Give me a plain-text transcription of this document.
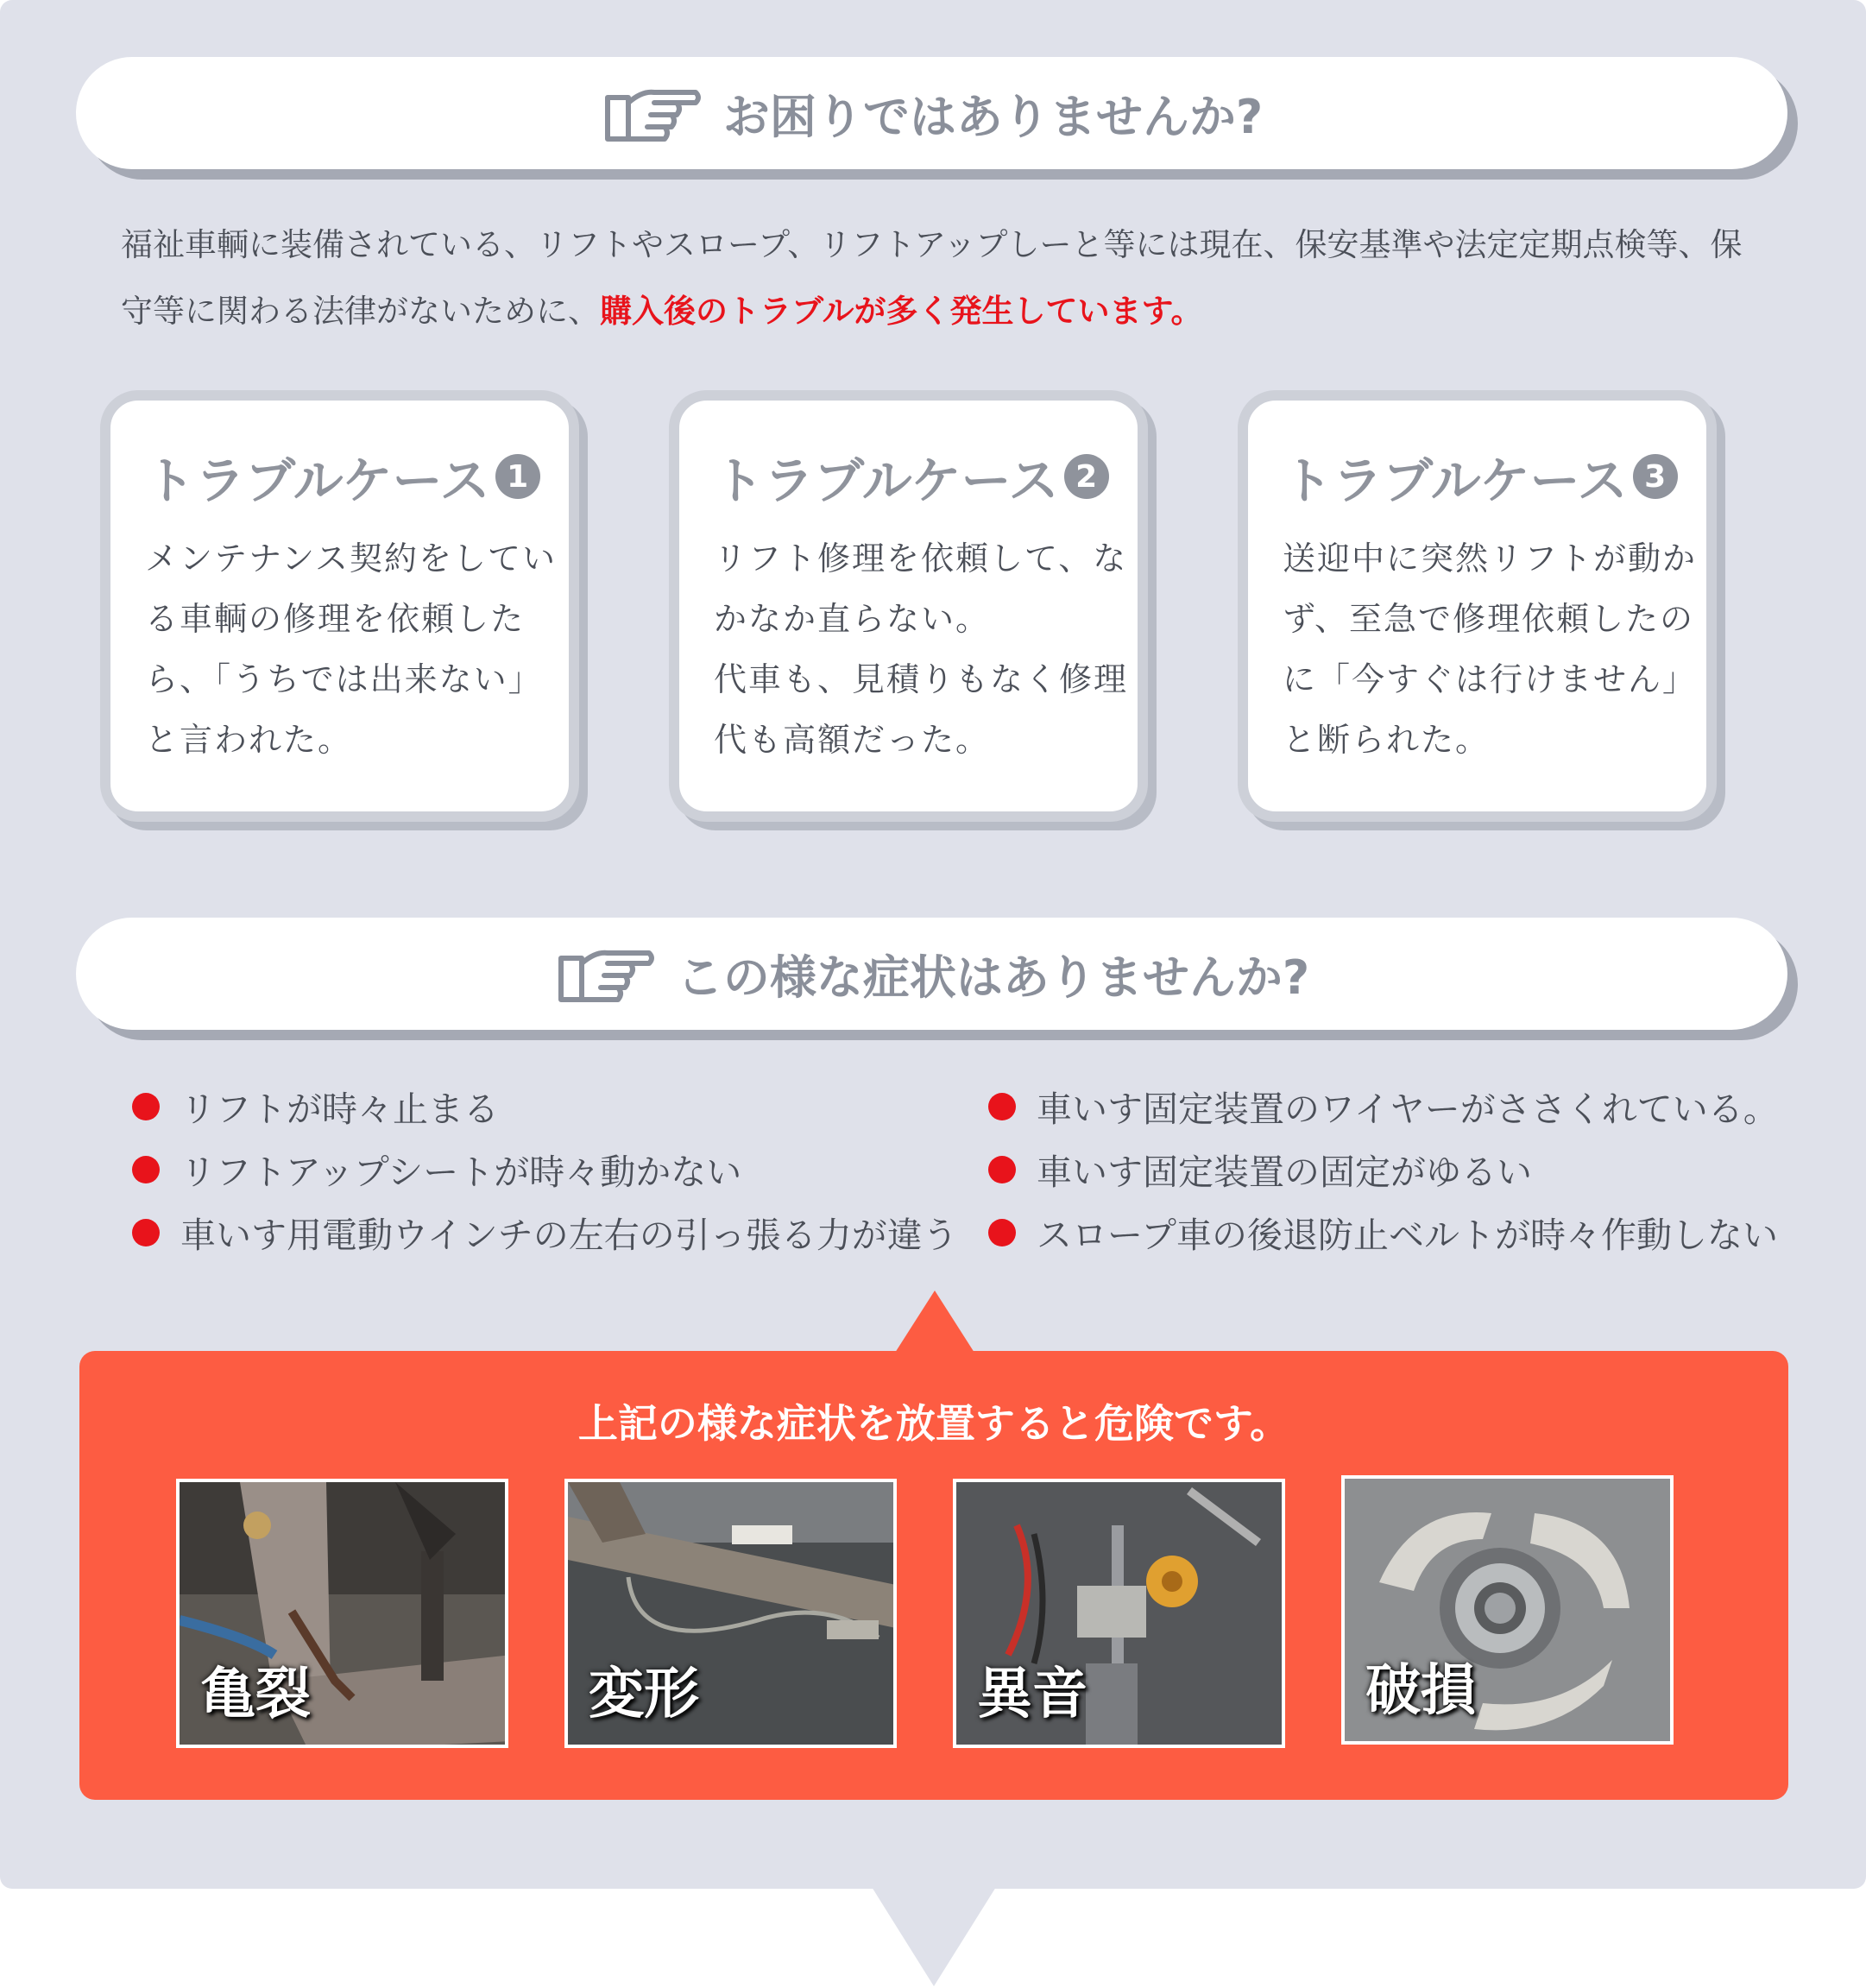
お困りではありませんか?
福祉車輌に装備されている、リフトやスロープ、リフトアップしーと等には現在、保安基準や法定定期点検等、保守等に関わる法律がないために、購入後のトラブルが多く発生しています。
トラブルケース 1
メンテナンス契約をしている車輌の修理を依頼したら、「うちでは出来ない」と言われた。
トラブルケース 2
リフト修理を依頼して、なかなか直らない。
代車も、見積りもなく修理代も高額だった。
トラブルケース 3
送迎中に突然リフトが動かず、至急で修理依頼したのに「今すぐは行けません」と断られた。
この様な症状はありませんか?
リフトが時々止まる
リフトアップシートが時々動かない
車いす用電動ウインチの左右の引っ張る力が違う
車いす固定装置のワイヤーがささくれている。
車いす固定装置の固定がゆるい
スロープ車の後退防止ベルトが時々作動しない
上記の様な症状を放置すると危険です。
亀裂	変形	異音	破損
